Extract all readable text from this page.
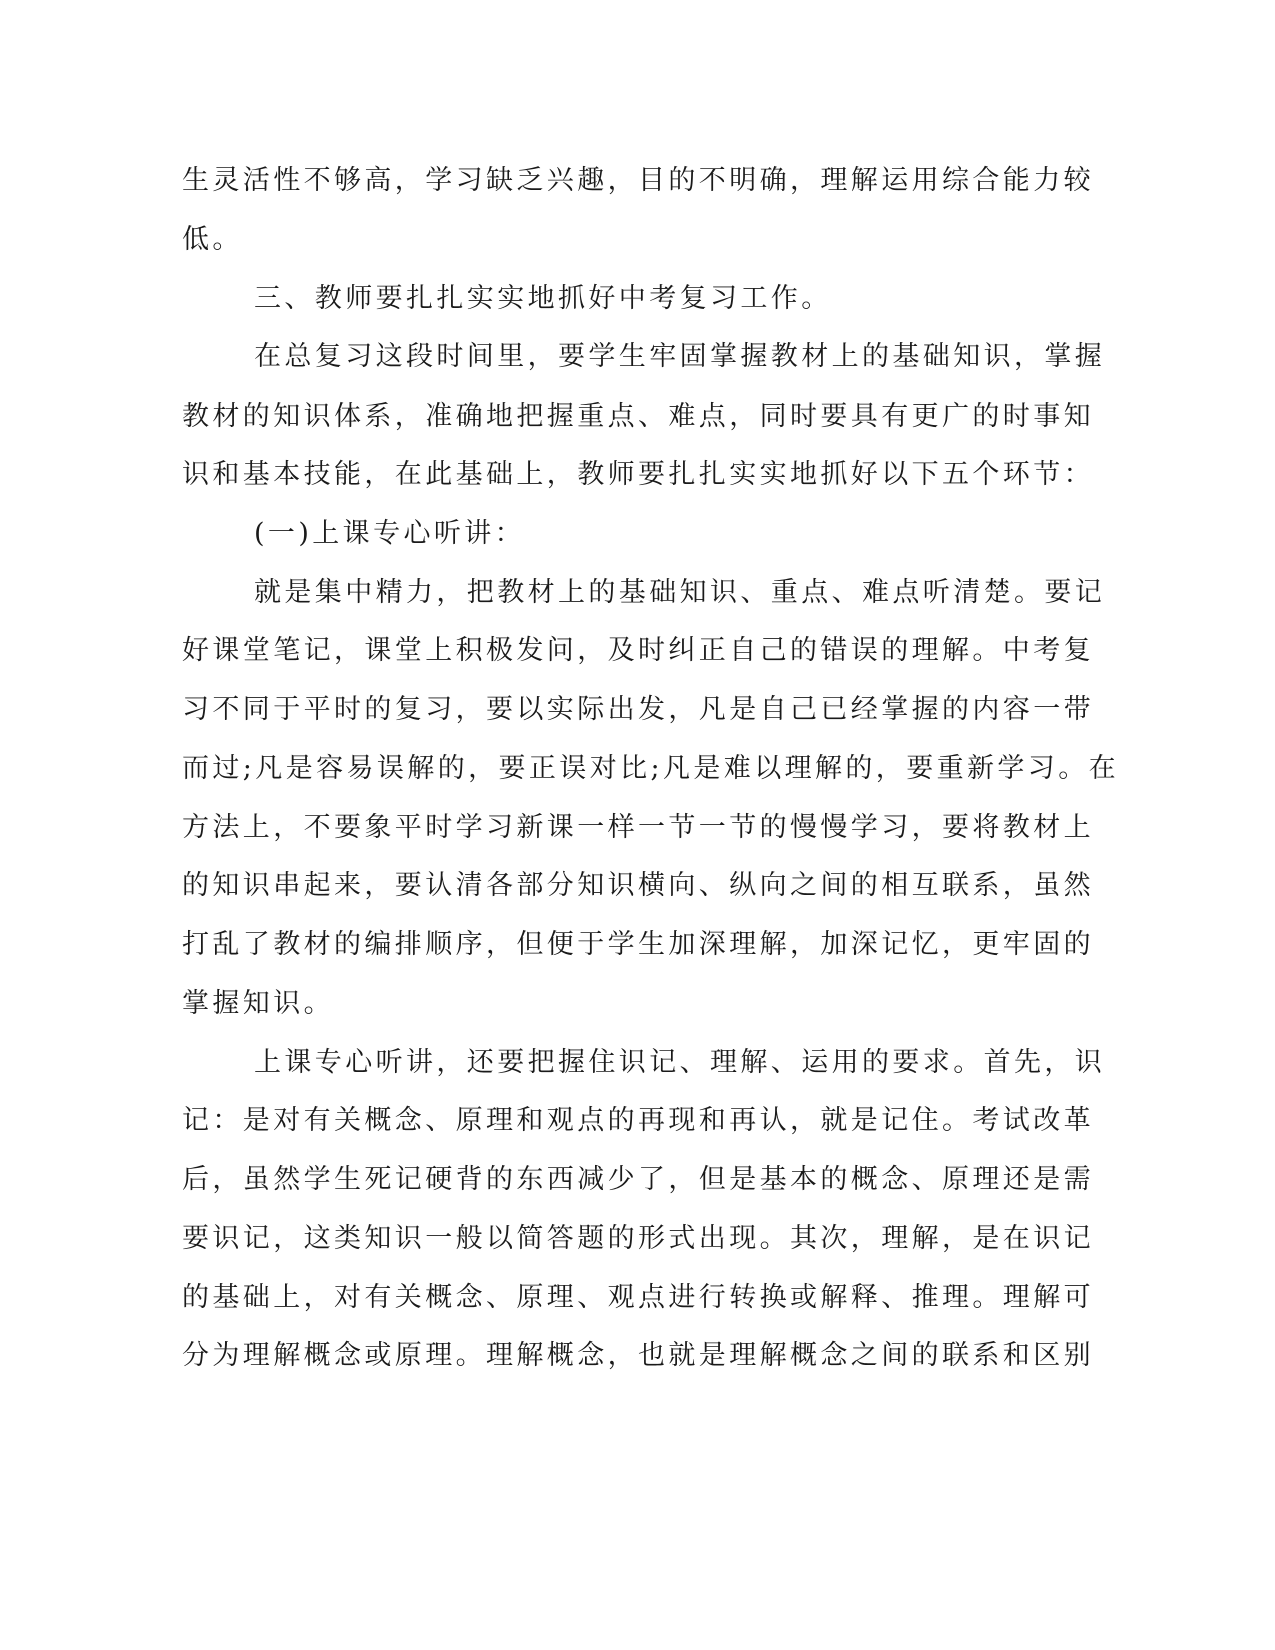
生灵活性不够高，学习缺乏兴趣，目的不明确，理解运用综合能力较
低。
三、教师要扎扎实实地抓好中考复习工作。
在总复习这段时间里，要学生牢固掌握教材上的基础知识，掌握
教材的知识体系，准确地把握重点、难点，同时要具有更广的时事知
识和基本技能，在此基础上，教师要扎扎实实地抓好以下五个环节：
(一)上课专心听讲：
就是集中精力，把教材上的基础知识、重点、难点听清楚。要记
好课堂笔记，课堂上积极发问，及时纠正自己的错误的理解。中考复
习不同于平时的复习，要以实际出发，凡是自己已经掌握的内容一带
而过;凡是容易误解的，要正误对比;凡是难以理解的，要重新学习。在
方法上，不要象平时学习新课一样一节一节的慢慢学习，要将教材上
的知识串起来，要认清各部分知识横向、纵向之间的相互联系，虽然
打乱了教材的编排顺序，但便于学生加深理解，加深记忆，更牢固的
掌握知识。
上课专心听讲，还要把握住识记、理解、运用的要求。首先，识
记：是对有关概念、原理和观点的再现和再认，就是记住。考试改革
后，虽然学生死记硬背的东西减少了，但是基本的概念、原理还是需
要识记，这类知识一般以简答题的形式出现。其次，理解，是在识记
的基础上，对有关概念、原理、观点进行转换或解释、推理。理解可
分为理解概念或原理。理解概念，也就是理解概念之间的联系和区别
